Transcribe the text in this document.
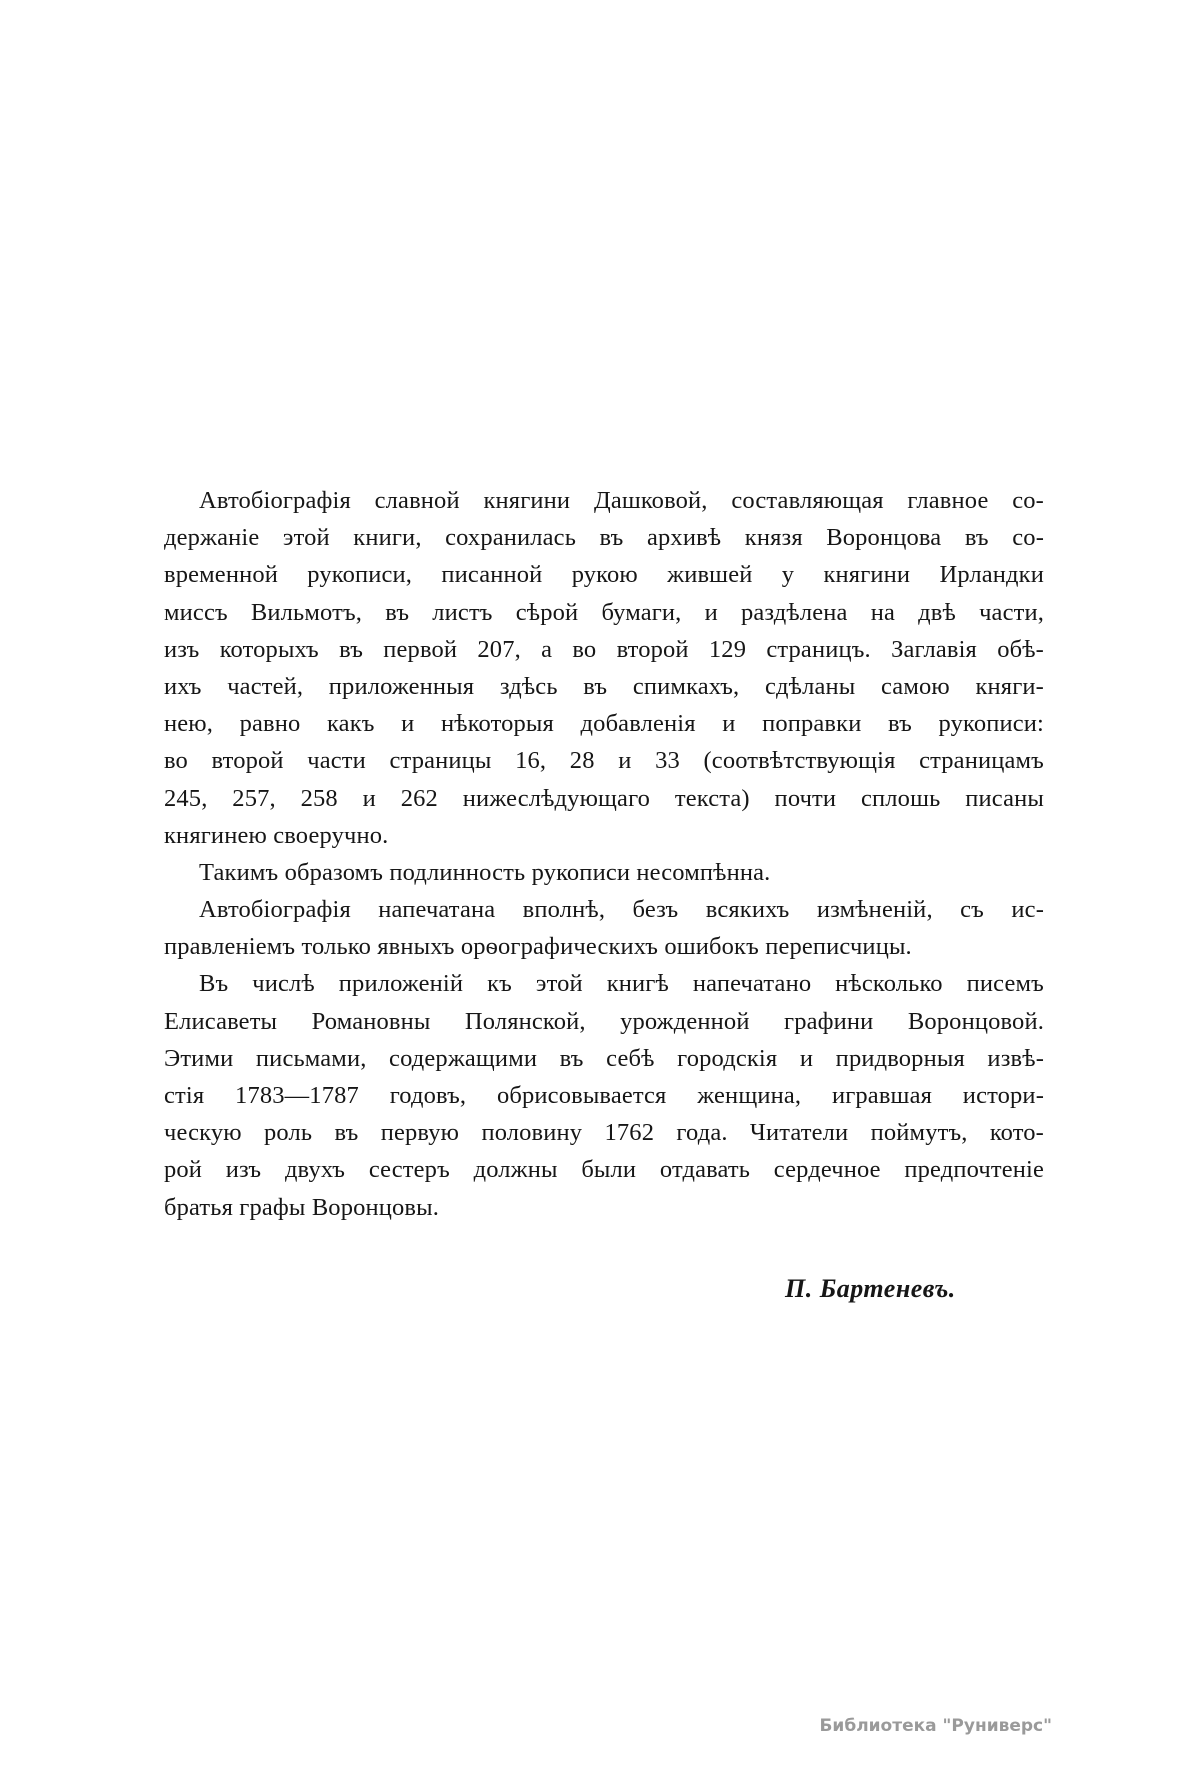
Автобіографія славной княгини Дашковой, составляющая главное со-
держаніе этой книги, сохранилась въ архивѣ князя Воронцова въ со-
временной рукописи, писанной рукою жившей у княгини Ирландки
миссъ Вильмотъ, въ листъ сѣрой бумаги, и раздѣлена на двѣ части,
изъ которыхъ въ первой 207, а во второй 129 страницъ. Заглавія обѣ-
ихъ частей, приложенныя здѣсь въ спимкахъ, сдѣланы самою княги-
нею, равно какъ и нѣкоторыя добавленія и поправки въ рукописи:
во второй части страницы 16, 28 и 33 (соотвѣтствующія страницамъ
245, 257, 258 и 262 нижеслѣдующаго текста) почти сплошь писаны
княгинею своеручно.
Такимъ образомъ подлинность рукописи несомпѣнна.
Автобіографія напечатана вполнѣ, безъ всякихъ измѣненій, съ ис-
правленіемъ только явныхъ орѳографическихъ ошибокъ переписчицы.
Въ числѣ приложеній къ этой книгѣ напечатано нѣсколько писемъ
Елисаветы Романовны Полянской, урожденной графини Воронцовой.
Этими письмами, содержащими въ себѣ городскія и придворныя извѣ-
стія 1783—1787 годовъ, обрисовывается женщина, игравшая истори-
ческую роль въ первую половину 1762 года. Читатели поймутъ, кото-
рой изъ двухъ сестеръ должны были отдавать сердечное предпочтеніе
братья графы Воронцовы.
П. Бартеневъ.
Библиотека "Руниверс"
